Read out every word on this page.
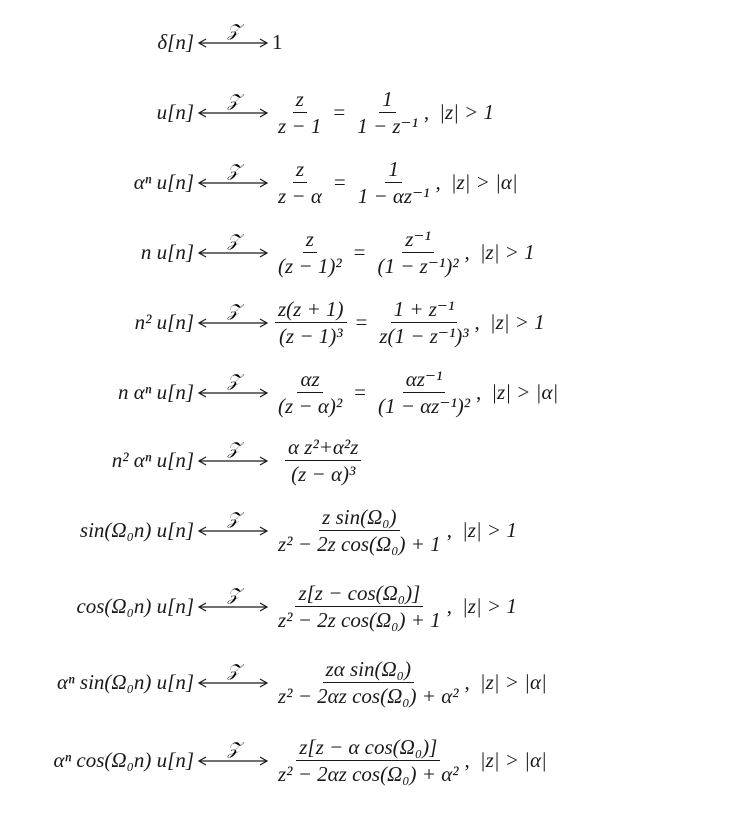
δ[n] 𝒵 1
u[n] 𝒵 $\frac{z}{z - 1} = \frac{1}{\text{1 − z⁻¹}}$ , |z| > 1
αⁿ u[n] 𝒵 $\frac{z}{z - \alpha} = \frac{1}{\text{1 − αz⁻¹}}$ , |z| > |α|
n u[n] 𝒵 $\frac{z}{\text{(z − 1)²}} = \frac{\text{z⁻¹}}{\text{(1 − z⁻¹)²}}$ , |z| > 1
n² u[n] 𝒵 $\frac{z(z + 1)}{\text{(z − 1)³}} = \frac{\text{1 + z⁻¹}}{\text{z(1 − z⁻¹)³}}$ , |z| > 1
n αⁿ u[n] 𝒵 $\frac{\alpha z}{\text{(z − α)²}} = \frac{\text{αz⁻¹}}{\text{(1 − αz⁻¹)²}}$ , |z| > |α|
n² αⁿ u[n] 𝒵 $\frac{\text{α z²+α²z}}{\text{(z − α)³}}$
sin(Ω₀n) u[n] 𝒵 $\frac{\text{z sin(Ω₀)}}{\text{z² − 2z cos(Ω₀) + 1}}$ , |z| > 1
cos(Ω₀n) u[n] 𝒵 $\frac{\text{z[z − cos(Ω₀)]}}{\text{z² − 2z cos(Ω₀) + 1}}$ , |z| > 1
αⁿ sin(Ω₀n) u[n] 𝒵 $\frac{\text{zα sin(Ω₀)}}{\text{z² − 2αz cos(Ω₀) + α²}}$ , |z| > |α|
αⁿ cos(Ω₀n) u[n] 𝒵 $\frac{\text{z[z − α cos(Ω₀)]}}{\text{z² − 2αz cos(Ω₀) + α²}}$ , |z| > |α|
